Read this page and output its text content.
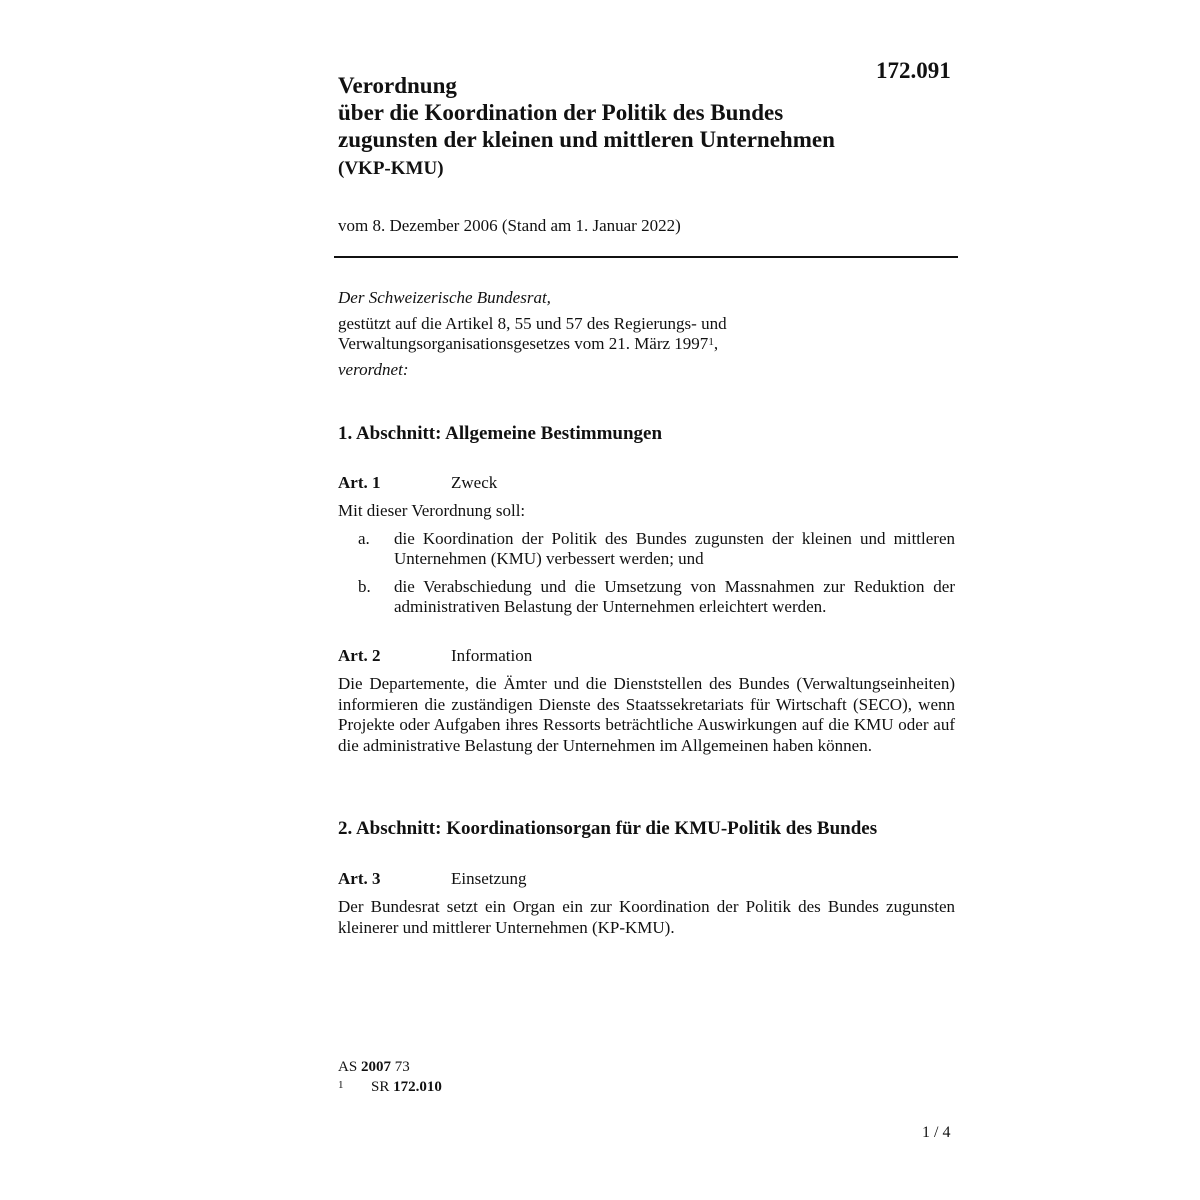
172.091
Verordnung
über die Koordination der Politik des Bundes
zugunsten der kleinen und mittleren Unternehmen
(VKP-KMU)
vom 8. Dezember 2006 (Stand am 1. Januar 2022)
Der Schweizerische Bundesrat,
gestützt auf die Artikel 8, 55 und 57 des Regierungs- und
Verwaltungsorganisationsgesetzes vom 21. März 1997$^1$,
verordnet:
1. Abschnitt: Allgemeine Bestimmungen
Art. 1	Zweck
Mit dieser Verordnung soll:
a.	die Koordination der Politik des Bundes zugunsten der kleinen und mittleren Unternehmen (KMU) verbessert werden; und
b.	die Verabschiedung und die Umsetzung von Massnahmen zur Reduktion der administrativen Belastung der Unternehmen erleichtert werden.
Art. 2	Information
Die Departemente, die Ämter und die Dienststellen des Bundes (Verwaltungseinheiten) informieren die zuständigen Dienste des Staatssekretariats für Wirtschaft (SECO), wenn Projekte oder Aufgaben ihres Ressorts beträchtliche Auswirkungen auf die KMU oder auf die administrative Belastung der Unternehmen im Allgemeinen haben können.
2. Abschnitt: Koordinationsorgan für die KMU-Politik des Bundes
Art. 3	Einsetzung
Der Bundesrat setzt ein Organ ein zur Koordination der Politik des Bundes zugunsten kleinerer und mittlerer Unternehmen (KP-KMU).
AS 2007 73
1 SR 172.010
1 / 4
